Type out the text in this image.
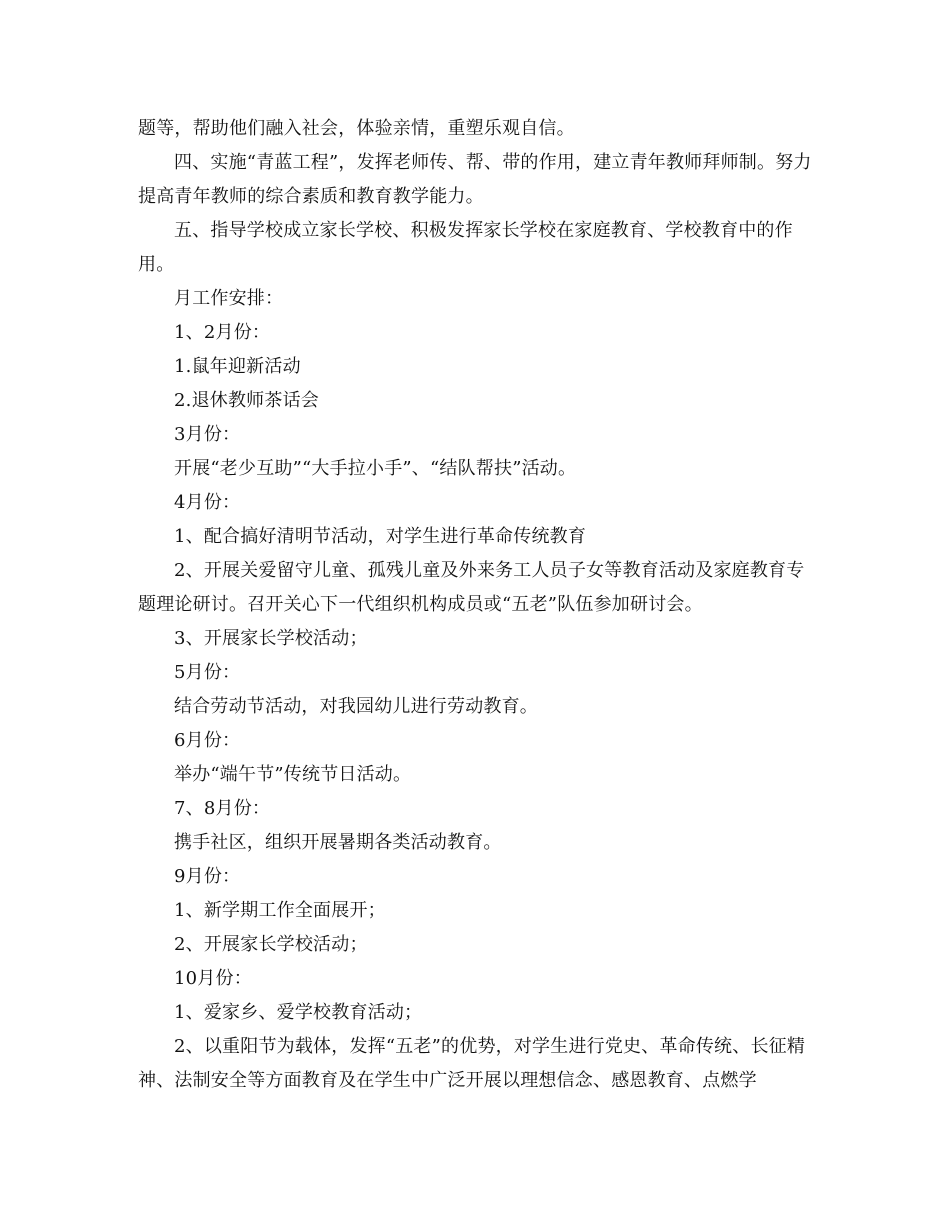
题等，帮助他们融入社会，体验亲情，重塑乐观自信。

四、实施“青蓝工程”，发挥老师传、帮、带的作用，建立青年教师拜师制。努力提高青年教师的综合素质和教育教学能力。

五、指导学校成立家长学校、积极发挥家长学校在家庭教育、学校教育中的作用。

月工作安排：

1、2月份：

1.鼠年迎新活动

2.退休教师茶话会

3月份：

开展“老少互助”“大手拉小手”、“结队帮扶”活动。

4月份：

1、配合搞好清明节活动，对学生进行革命传统教育

2、开展关爱留守儿童、孤残儿童及外来务工人员子女等教育活动及家庭教育专题理论研讨。召开关心下一代组织机构成员或“五老”队伍参加研讨会。

3、开展家长学校活动；

5月份：

结合劳动节活动，对我园幼儿进行劳动教育。

6月份：

举办“端午节”传统节日活动。

7、8月份：

携手社区，组织开展暑期各类活动教育。

9月份：

1、新学期工作全面展开；

2、开展家长学校活动；

10月份：

1、爱家乡、爱学校教育活动；

2、以重阳节为载体，发挥“五老”的优势，对学生进行党史、革命传统、长征精神、法制安全等方面教育及在学生中广泛开展以理想信念、感恩教育、点燃学
